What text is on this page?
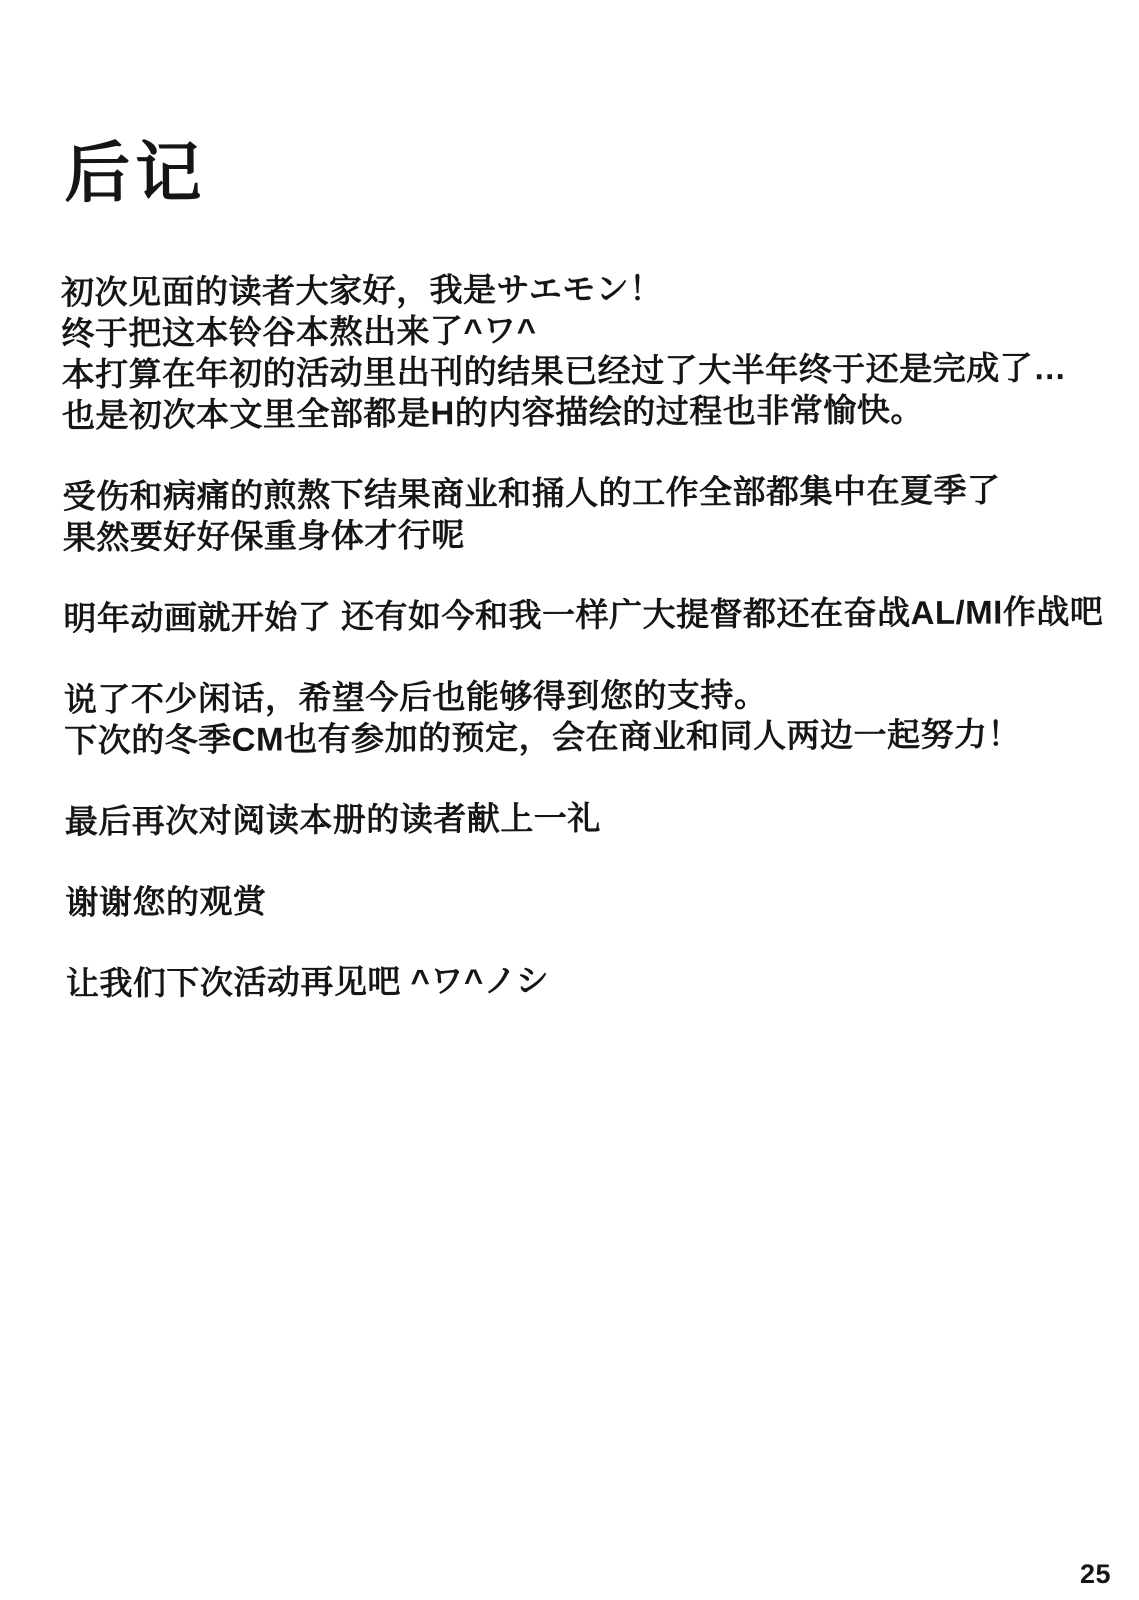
后记

初次见面的读者大家好，我是サエモン！
终于把这本铃谷本熬出来了^ワ^
本打算在年初的活动里出刊的结果已经过了大半年终于还是完成了…
也是初次本文里全部都是H的内容描绘的过程也非常愉快。

受伤和病痛的煎熬下结果商业和捅人的工作全部都集中在夏季了
果然要好好保重身体才行呢

明年动画就开始了 还有如今和我一样广大提督都还在奋战AL/MI作战吧

说了不少闲话，希望今后也能够得到您的支持。
下次的冬季CM也有参加的预定，会在商业和同人两边一起努力！

最后再次对阅读本册的读者献上一礼

谢谢您的观赏

让我们下次活动再见吧 ^ワ^ノシ

25
